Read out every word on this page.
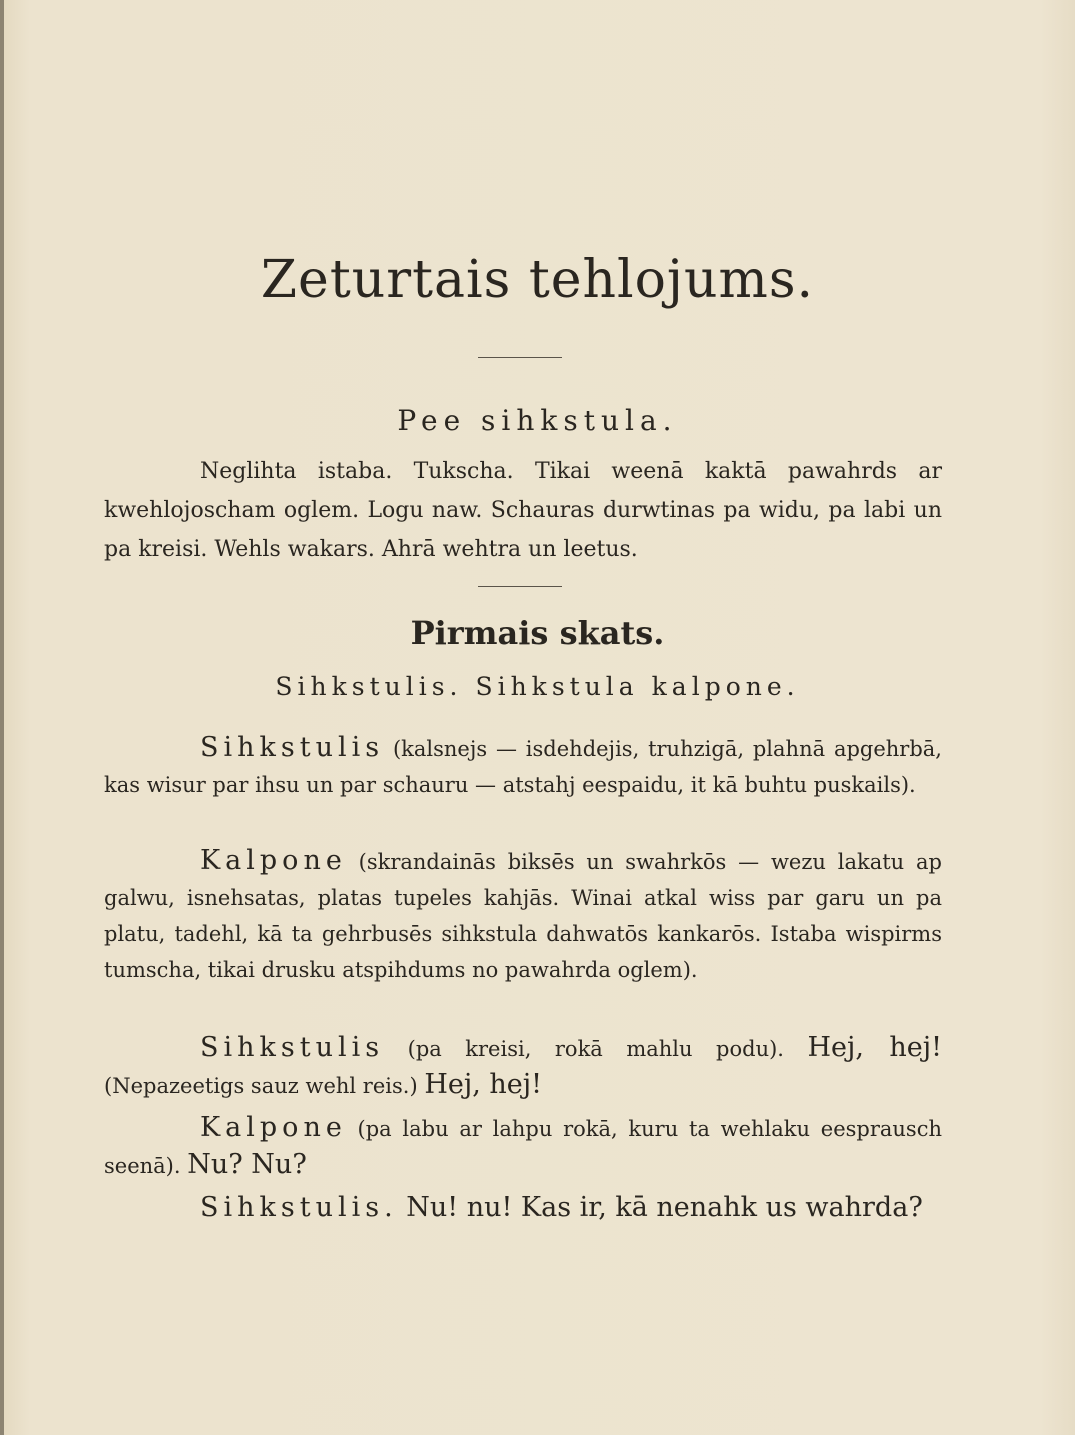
Zeturtais tehlojums.
Pee sihkstula.
Neglihta istaba. Tukscha. Tikai weenā kaktā pawahrds ar kwehlojoscham oglem. Logu naw. Schauras durwtinas pa widu, pa labi un pa kreisi. Wehls wakars. Ahrā wehtra un leetus.
Pirmais skats.
Sihkstulis. Sihkstula kalpone.
Sihkstulis (kalsnejs — isdehdejis, truhzigā, plahnā apgehrbā, kas wisur par ihsu un par schauru — atstahj eespaidu, it kā buhtu puskails).
Kalpone (skrandainās biksēs un swahrkōs — wezu lakatu ap galwu, isnehsatas, platas tupeles kahjās. Winai atkal wiss par garu un pa platu, tadehl, kā ta gehrbusēs sihkstula dahwatōs kankarōs. Istaba wispirms tumscha, tikai drusku atspihdums no pawahrda oglem).
Sihkstulis (pa kreisi, rokā mahlu podu). Hej, hej! (Nepazeetigs sauz wehl reis.) Hej, hej!
Kalpone (pa labu ar lahpu rokā, kuru ta wehlaku eesprausch seenā). Nu? Nu?
Sihkstulis. Nu! nu! Kas ir, kā nenahk us wahrda?
